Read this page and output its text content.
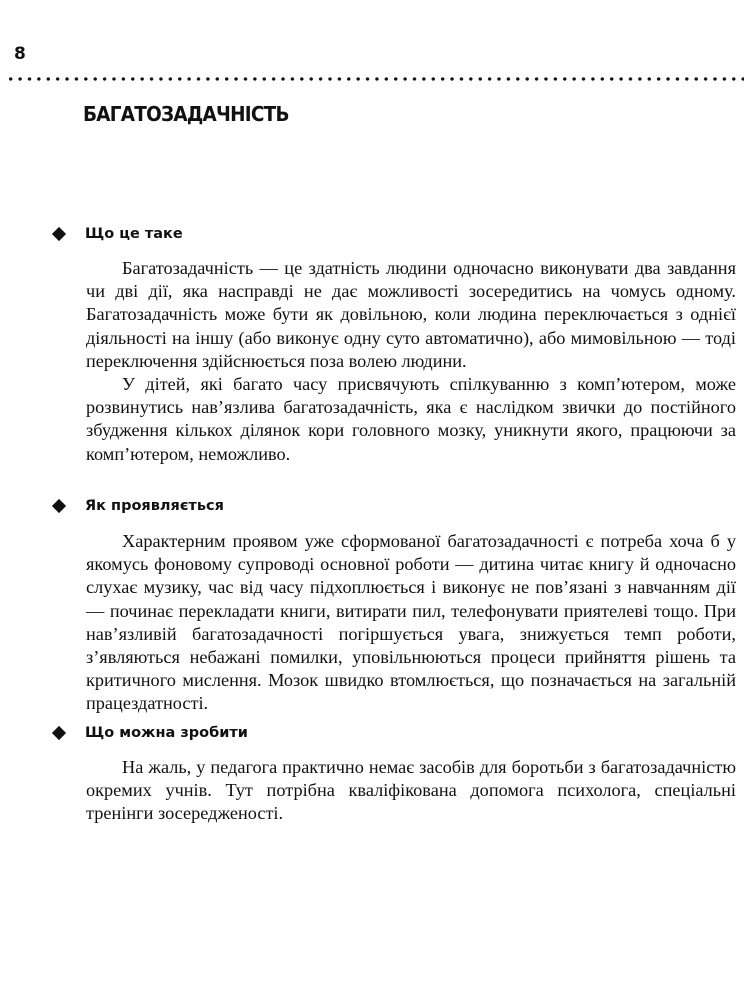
8
БАГАТОЗАДАЧНІСТЬ
Що це таке

Багатозадачність — це здатність людини одночасно виконувати два завдання чи дві дії, яка насправді не дає можливості зосередитись на чомусь одному. Багатозадачність може бути як довільною, коли людина переключається з однієї діяльності на іншу (або виконує одну суто автоматично), або мимовільною — тоді переключення здійснюється поза волею людини.

У дітей, які багато часу присвячують спілкуванню з комп’ютером, може розвинутись нав’язлива багатозадачність, яка є наслідком звички до постійного збудження кількох ділянок кори головного мозку, уникнути якого, працюючи за комп’ютером, неможливо.

Як проявляється

Характерним проявом уже сформованої багатозадачності є потреба хоча б у якомусь фоновому супроводі основної роботи — дитина читає книгу й одночасно слухає музику, час від часу підхоплюється і виконує не пов’язані з навчанням дії — починає перекладати книги, витирати пил, телефонувати приятелеві тощо. При нав’язливій багатозадачності погіршується увага, знижується темп роботи, з’являються небажані помилки, уповільнюються процеси прийняття рішень та критичного мислення. Мозок швидко втомлюється, що позначається на загальній працездатності.

Що можна зробити

На жаль, у педагога практично немає засобів для боротьби з багатозадачністю окремих учнів. Тут потрібна кваліфікована допомога психолога, спеціальні тренінги зосередженості.
